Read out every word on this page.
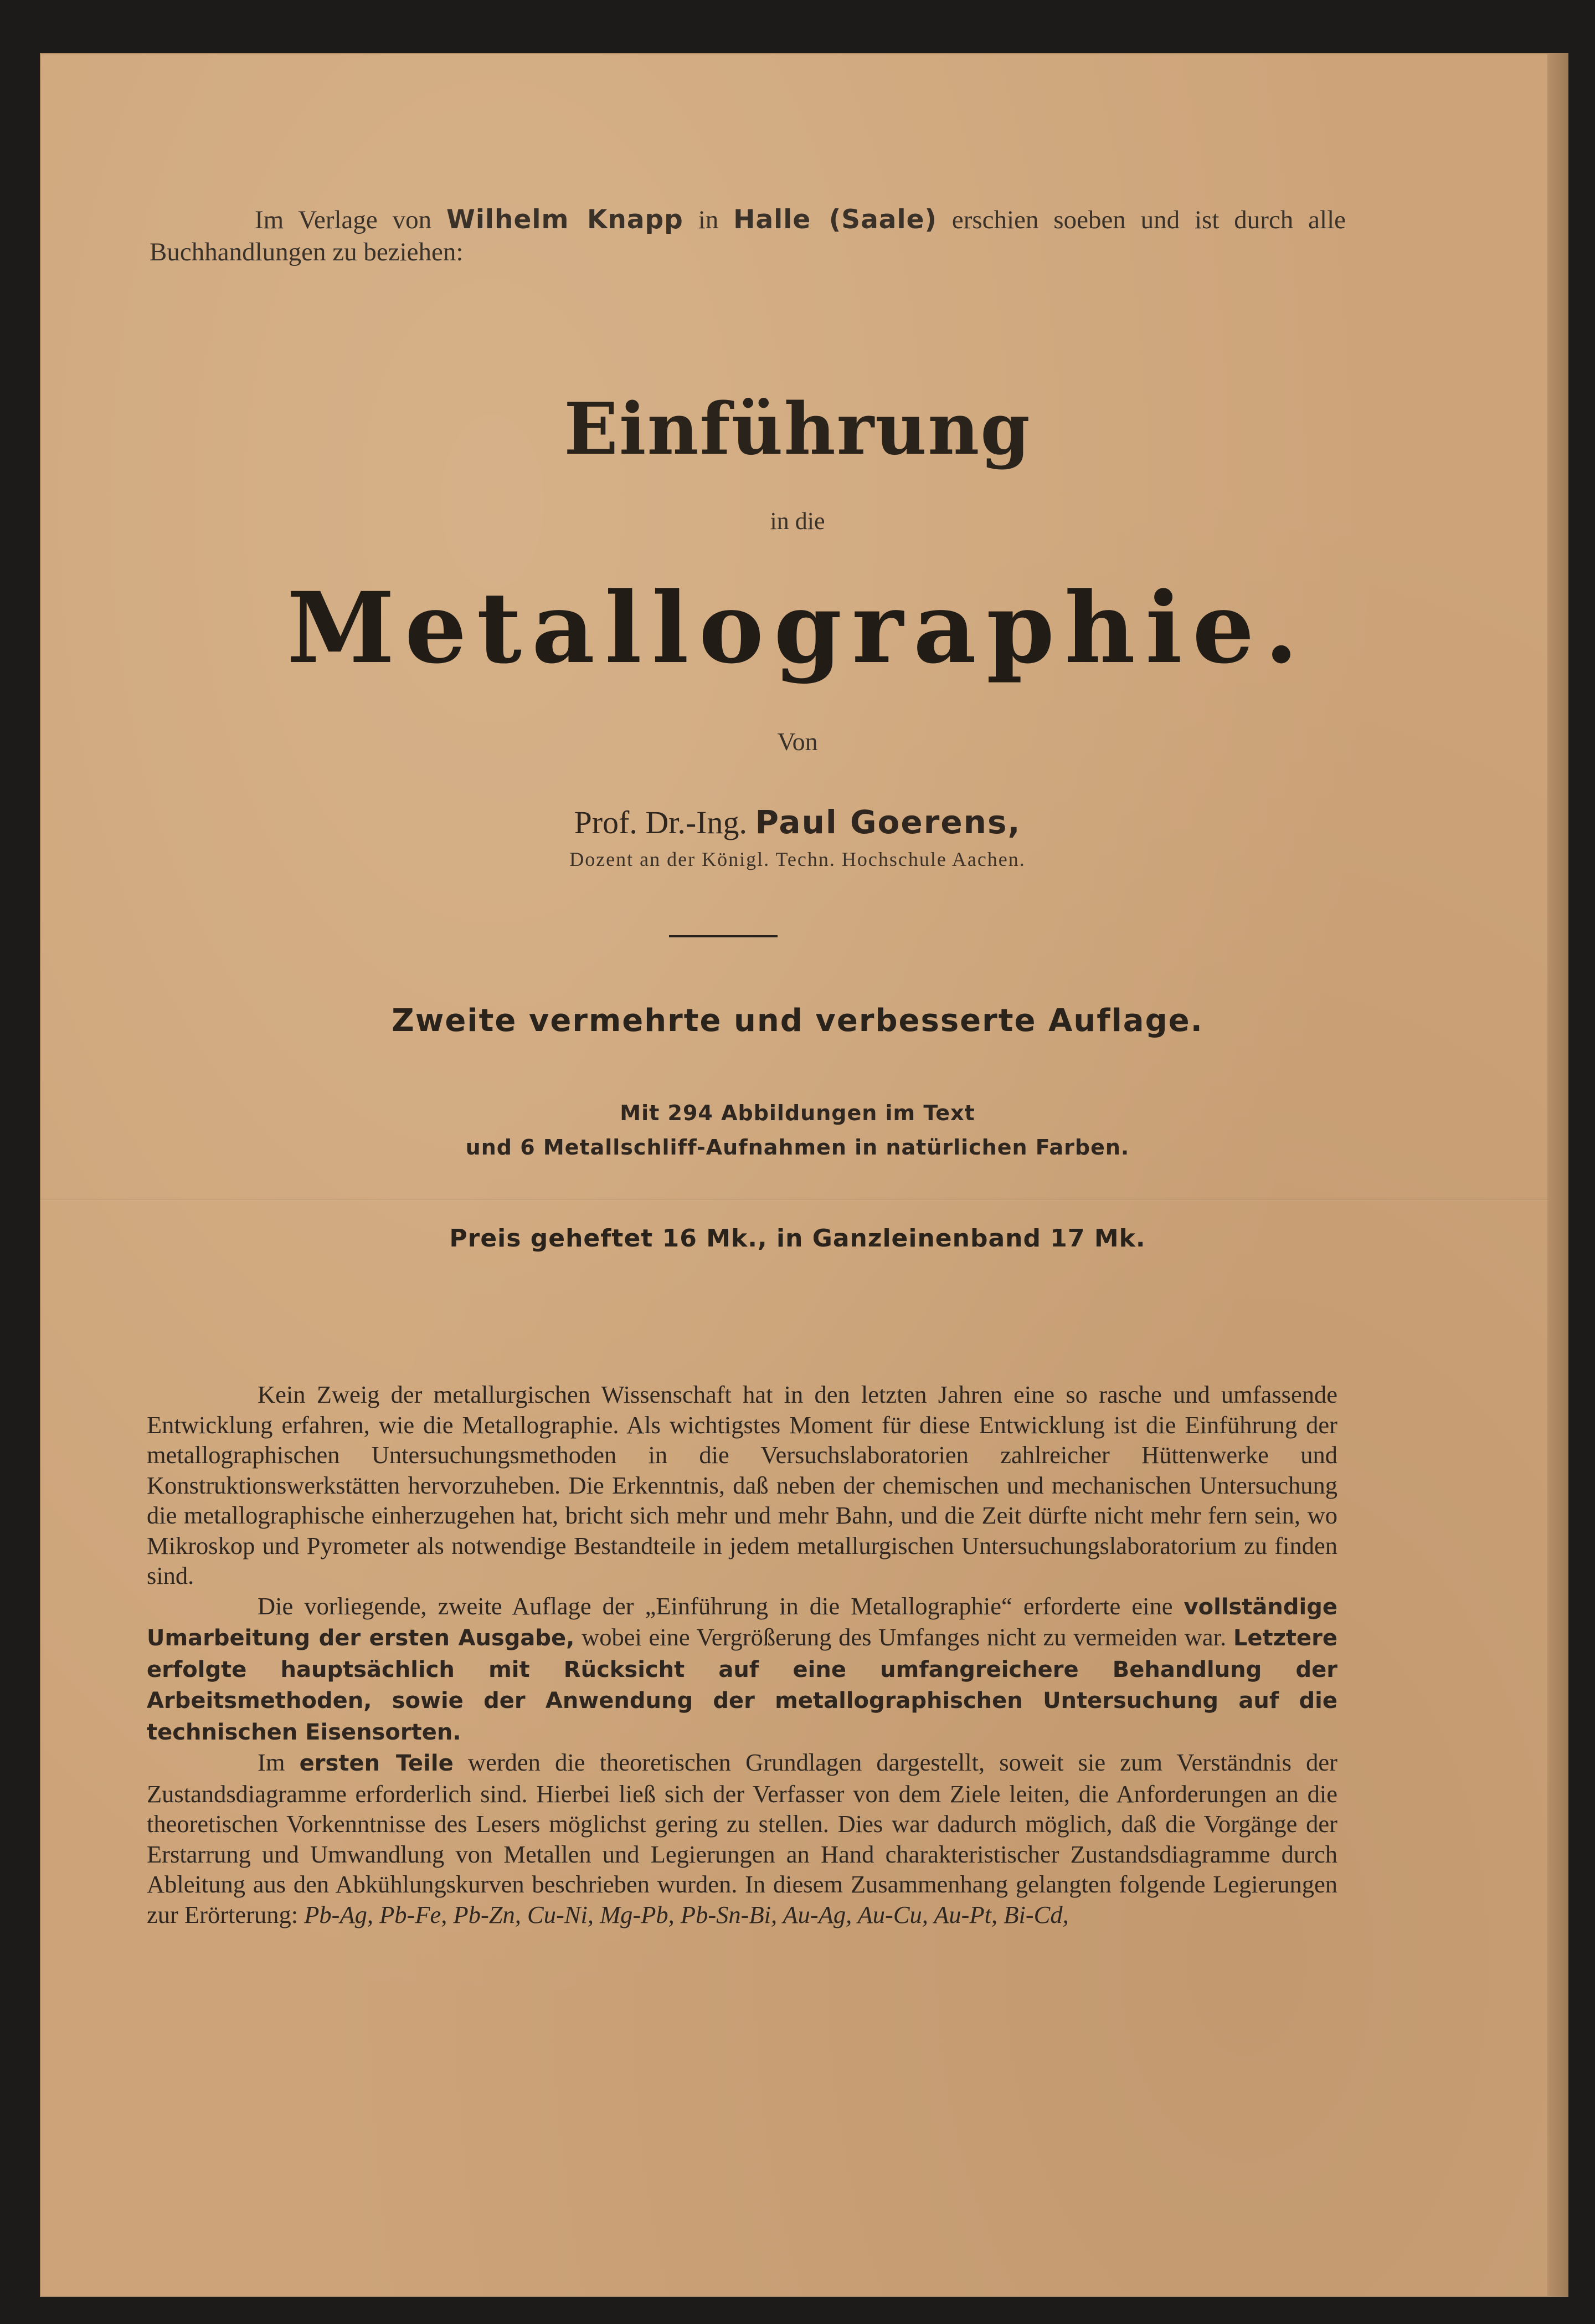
Im Verlage von Wilhelm Knapp in Halle (Saale) erschien soeben und ist durch alle Buchhandlungen zu beziehen:
Einführung
in die
Metallographie.
Von
Prof. Dr.-Ing. Paul Goerens,
Dozent an der Königl. Techn. Hochschule Aachen.
Zweite vermehrte und verbesserte Auflage.
Mit 294 Abbildungen im Text
und 6 Metallschliff-Aufnahmen in natürlichen Farben.
Preis geheftet 16 Mk., in Ganzleinenband 17 Mk.

Kein Zweig der metallurgischen Wissenschaft hat in den letzten Jahren eine so rasche und umfassende Entwicklung erfahren, wie die Metallographie. Als wichtigstes Moment für diese Entwicklung ist die Einführung der metallographischen Untersuchungsmethoden in die Versuchslaboratorien zahlreicher Hüttenwerke und Konstruktionswerkstätten hervorzuheben. Die Erkenntnis, daß neben der chemischen und mechanischen Untersuchung die metallographische einherzugehen hat, bricht sich mehr und mehr Bahn, und die Zeit dürfte nicht mehr fern sein, wo Mikroskop und Pyrometer als notwendige Bestandteile in jedem metallurgischen Untersuchungslaboratorium zu finden sind.

Die vorliegende, zweite Auflage der „Einführung in die Metallographie“ erforderte eine vollständige Umarbeitung der ersten Ausgabe, wobei eine Vergrößerung des Umfanges nicht zu vermeiden war. Letztere erfolgte hauptsächlich mit Rücksicht auf eine umfangreichere Behandlung der Arbeitsmethoden, sowie der Anwendung der metallographischen Untersuchung auf die technischen Eisensorten.

Im ersten Teile werden die theoretischen Grundlagen dargestellt, soweit sie zum Verständnis der Zustandsdiagramme erforderlich sind. Hierbei ließ sich der Verfasser von dem Ziele leiten, die Anforderungen an die theoretischen Vorkenntnisse des Lesers möglichst gering zu stellen. Dies war dadurch möglich, daß die Vorgänge der Erstarrung und Umwandlung von Metallen und Legierungen an Hand charakteristischer Zustandsdiagramme durch Ableitung aus den Abkühlungskurven beschrieben wurden. In diesem Zusammenhang gelangten folgende Legierungen zur Erörterung: Pb-Ag, Pb-Fe, Pb-Zn, Cu-Ni, Mg-Pb, Pb-Sn-Bi, Au-Ag, Au-Cu, Au-Pt, Bi-Cd,
